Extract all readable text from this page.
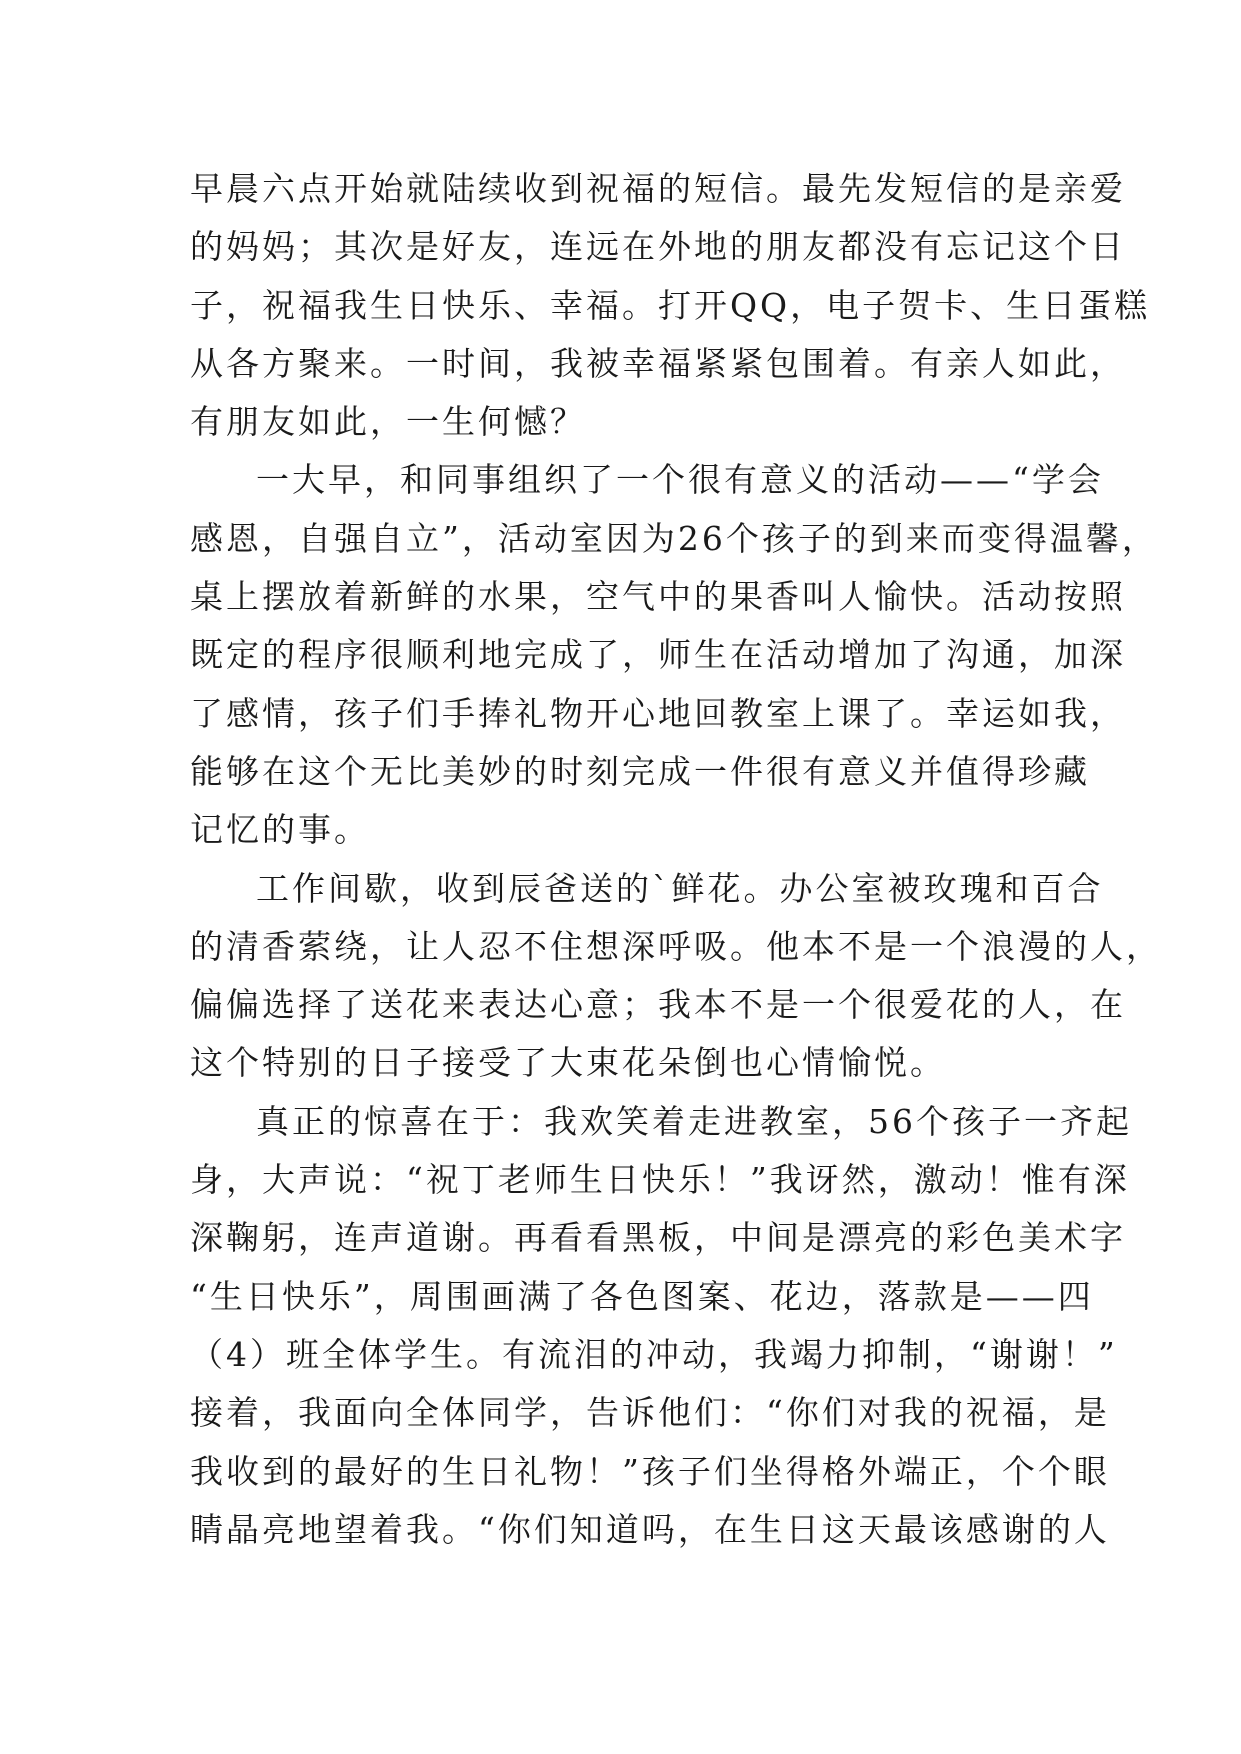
早晨六点开始就陆续收到祝福的短信。最先发短信的是亲爱
的妈妈；其次是好友，连远在外地的朋友都没有忘记这个日
子，祝福我生日快乐、幸福。打开QQ，电子贺卡、生日蛋糕
从各方聚来。一时间，我被幸福紧紧包围着。有亲人如此，
有朋友如此，一生何憾？
一大早，和同事组织了一个很有意义的活动——“学会
感恩，自强自立”，活动室因为26个孩子的到来而变得温馨，
桌上摆放着新鲜的水果，空气中的果香叫人愉快。活动按照
既定的程序很顺利地完成了，师生在活动增加了沟通，加深
了感情，孩子们手捧礼物开心地回教室上课了。幸运如我，
能够在这个无比美妙的时刻完成一件很有意义并值得珍藏
记忆的事。
工作间歇，收到辰爸送的`鲜花。办公室被玫瑰和百合
的清香萦绕，让人忍不住想深呼吸。他本不是一个浪漫的人，
偏偏选择了送花来表达心意；我本不是一个很爱花的人，在
这个特别的日子接受了大束花朵倒也心情愉悦。
真正的惊喜在于：我欢笑着走进教室，56个孩子一齐起
身，大声说：“祝丁老师生日快乐！”我讶然，激动！惟有深
深鞠躬，连声道谢。再看看黑板，中间是漂亮的彩色美术字
“生日快乐”，周围画满了各色图案、花边，落款是——四
（4）班全体学生。有流泪的冲动，我竭力抑制，“谢谢！”
接着，我面向全体同学，告诉他们：“你们对我的祝福，是
我收到的最好的生日礼物！”孩子们坐得格外端正，个个眼
睛晶亮地望着我。“你们知道吗，在生日这天最该感谢的人
